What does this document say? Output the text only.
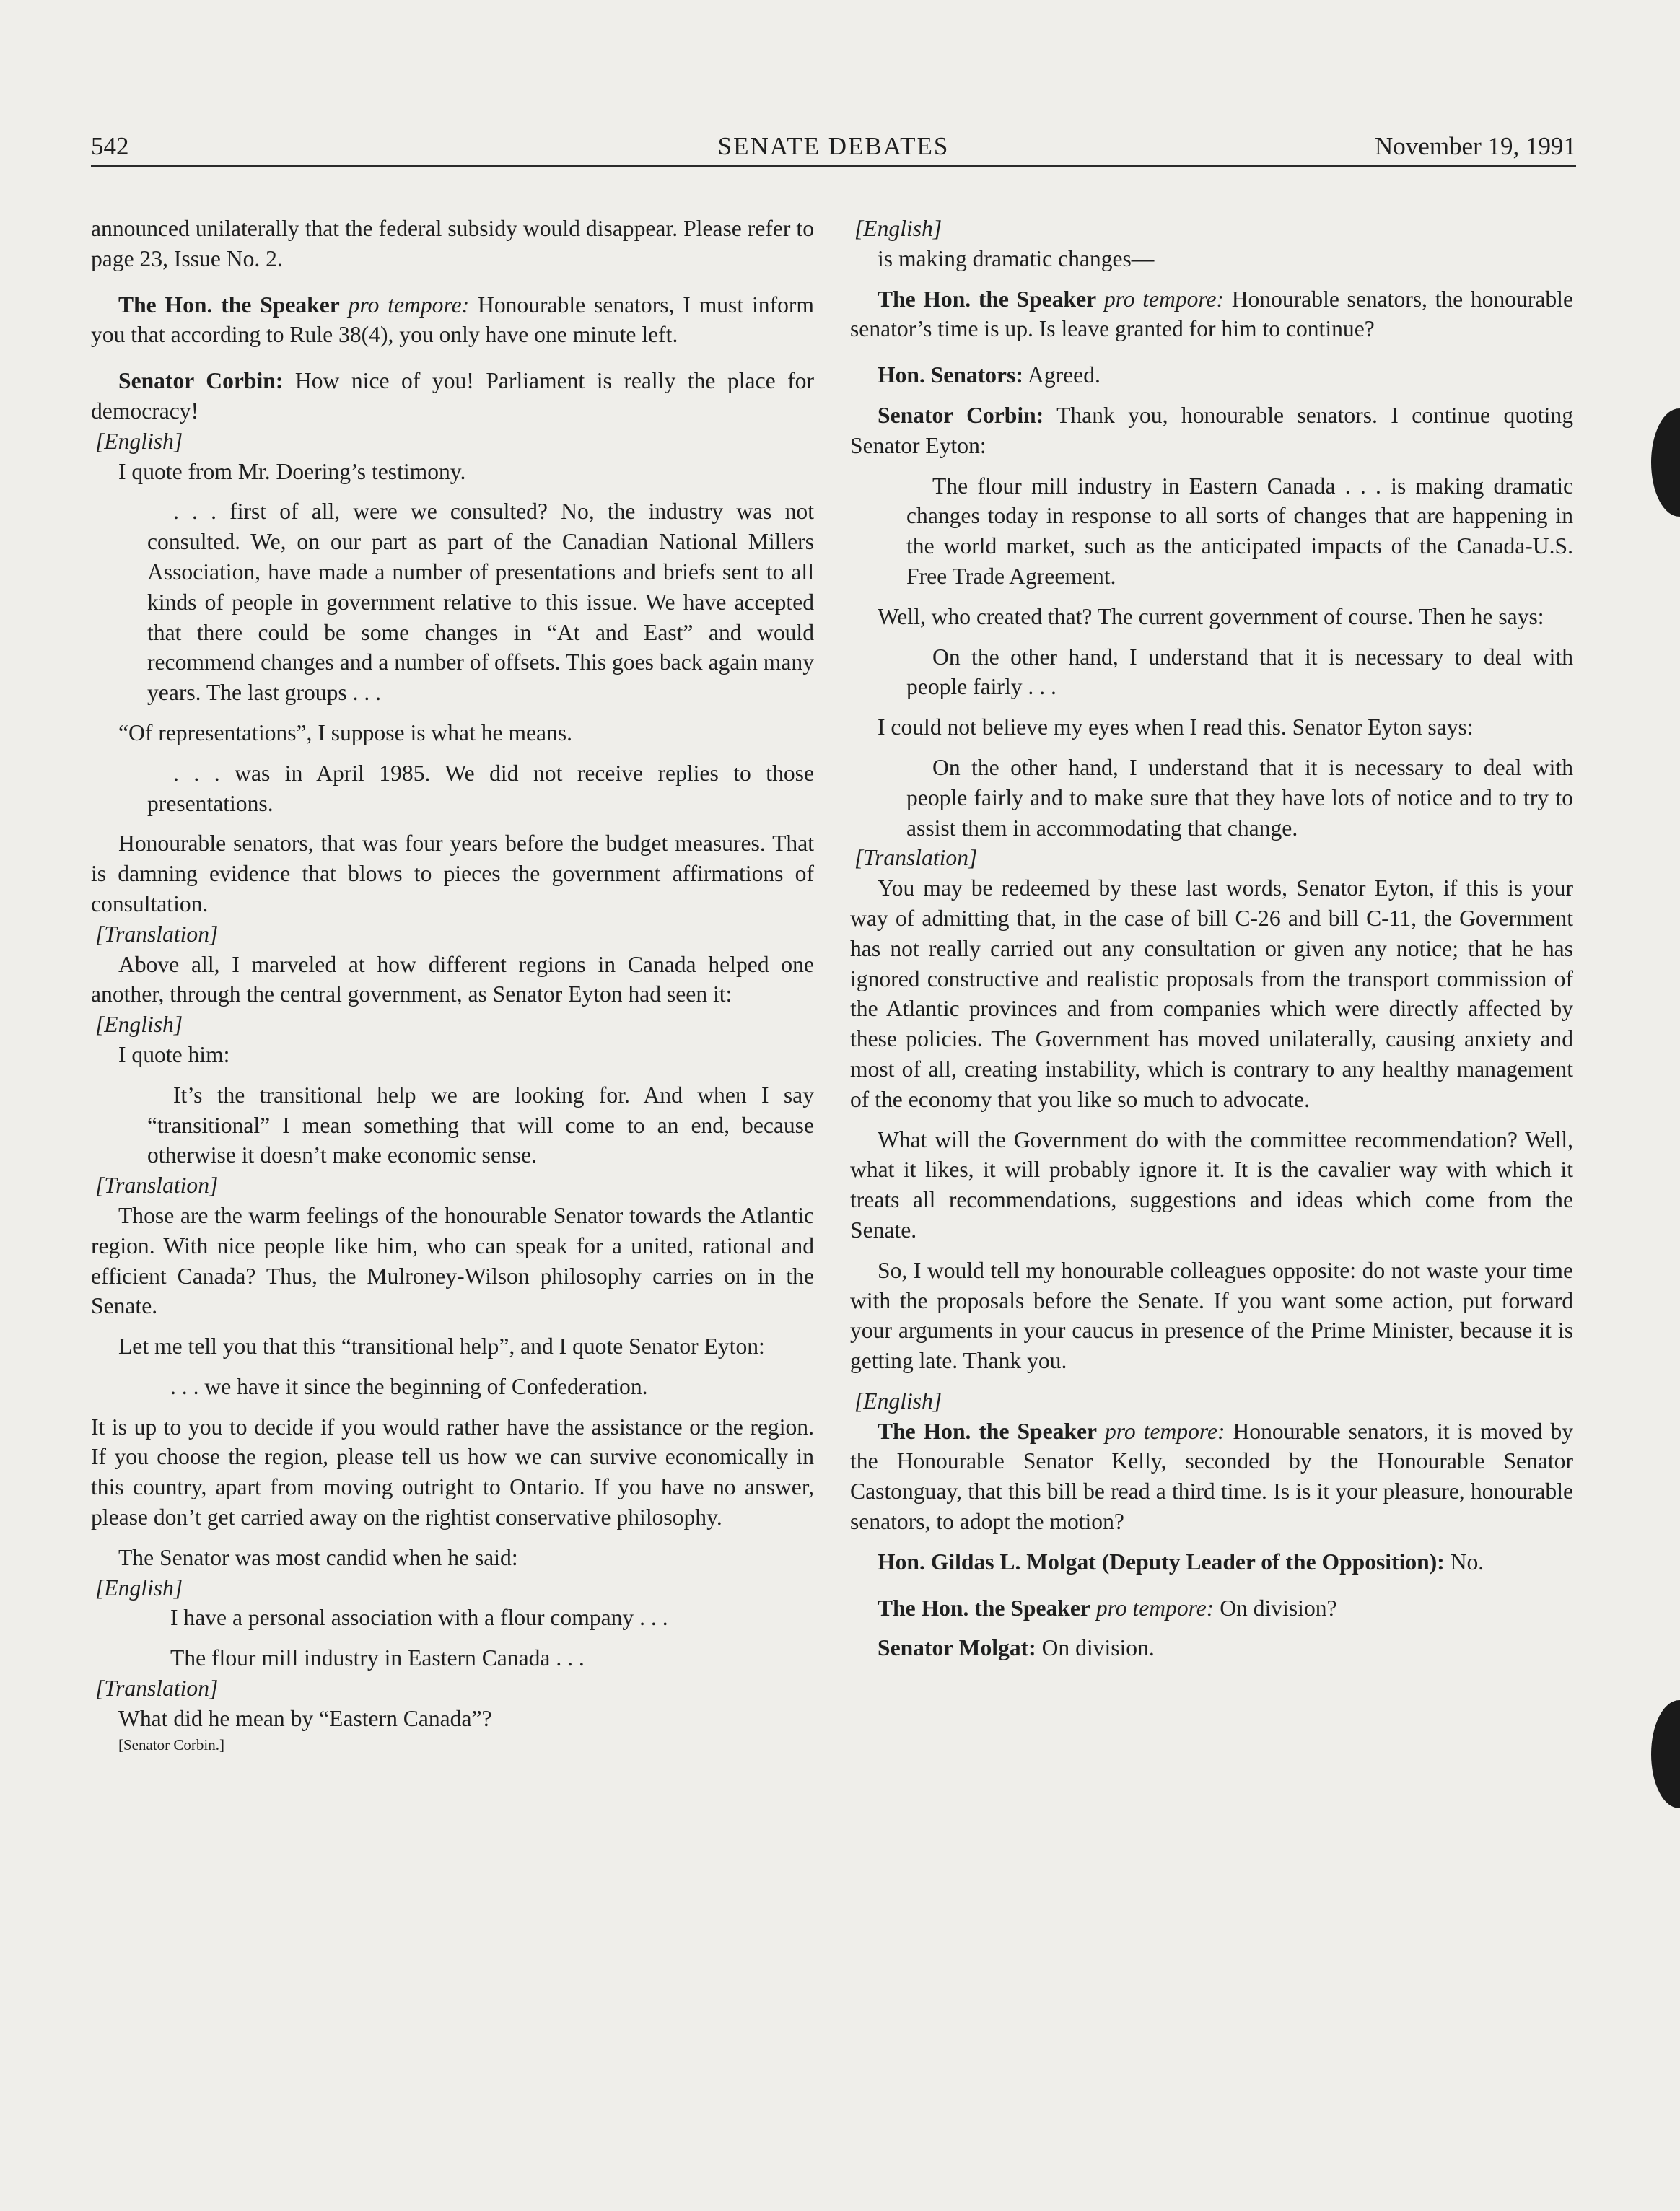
542	SENATE DEBATES	November 19, 1991

announced unilaterally that the federal subsidy would disappear. Please refer to page 23, Issue No. 2.

The Hon. the Speaker pro tempore: Honourable senators, I must inform you that according to Rule 38(4), you only have one minute left.

Senator Corbin: How nice of you! Parliament is really the place for democracy!

[English]

I quote from Mr. Doering’s testimony.

. . . first of all, were we consulted? No, the industry was not consulted. We, on our part as part of the Canadian National Millers Association, have made a number of presentations and briefs sent to all kinds of people in government relative to this issue. We have accepted that there could be some changes in “At and East” and would recommend changes and a number of offsets. This goes back again many years. The last groups . . .

“Of representations”, I suppose is what he means.

. . . was in April 1985. We did not receive replies to those presentations.

Honourable senators, that was four years before the budget measures. That is damning evidence that blows to pieces the government affirmations of consultation.

[Translation]

Above all, I marveled at how different regions in Canada helped one another, through the central government, as Senator Eyton had seen it:

[English]

I quote him:

It’s the transitional help we are looking for. And when I say “transitional” I mean something that will come to an end, because otherwise it doesn’t make economic sense.

[Translation]

Those are the warm feelings of the honourable Senator towards the Atlantic region. With nice people like him, who can speak for a united, rational and efficient Canada? Thus, the Mulroney-Wilson philosophy carries on in the Senate.

Let me tell you that this “transitional help”, and I quote Senator Eyton:

. . . we have it since the beginning of Confederation.

It is up to you to decide if you would rather have the assistance or the region. If you choose the region, please tell us how we can survive economically in this country, apart from moving outright to Ontario. If you have no answer, please don’t get carried away on the rightist conservative philosophy.

The Senator was most candid when he said:

[English]

I have a personal association with a flour company . . .

The flour mill industry in Eastern Canada . . .

[Translation]

What did he mean by “Eastern Canada”?

[Senator Corbin.]

[English]

is making dramatic changes—

The Hon. the Speaker pro tempore: Honourable senators, the honourable senator’s time is up. Is leave granted for him to continue?

Hon. Senators: Agreed.

Senator Corbin: Thank you, honourable senators. I continue quoting Senator Eyton:

The flour mill industry in Eastern Canada . . . is making dramatic changes today in response to all sorts of changes that are happening in the world market, such as the anticipated impacts of the Canada-U.S. Free Trade Agreement.

Well, who created that? The current government of course. Then he says:

On the other hand, I understand that it is necessary to deal with people fairly . . .

I could not believe my eyes when I read this. Senator Eyton says:

On the other hand, I understand that it is necessary to deal with people fairly and to make sure that they have lots of notice and to try to assist them in accommodating that change.

[Translation]

You may be redeemed by these last words, Senator Eyton, if this is your way of admitting that, in the case of bill C-26 and bill C-11, the Government has not really carried out any consultation or given any notice; that he has ignored constructive and realistic proposals from the transport commission of the Atlantic provinces and from companies which were directly affected by these policies. The Government has moved unilaterally, causing anxiety and most of all, creating instability, which is contrary to any healthy management of the economy that you like so much to advocate.

What will the Government do with the committee recommendation? Well, what it likes, it will probably ignore it. It is the cavalier way with which it treats all recommendations, suggestions and ideas which come from the Senate.

So, I would tell my honourable colleagues opposite: do not waste your time with the proposals before the Senate. If you want some action, put forward your arguments in your caucus in presence of the Prime Minister, because it is getting late. Thank you.

[English]

The Hon. the Speaker pro tempore: Honourable senators, it is moved by the Honourable Senator Kelly, seconded by the Honourable Senator Castonguay, that this bill be read a third time. Is is it your pleasure, honourable senators, to adopt the motion?

Hon. Gildas L. Molgat (Deputy Leader of the Opposition): No.

The Hon. the Speaker pro tempore: On division?

Senator Molgat: On division.
